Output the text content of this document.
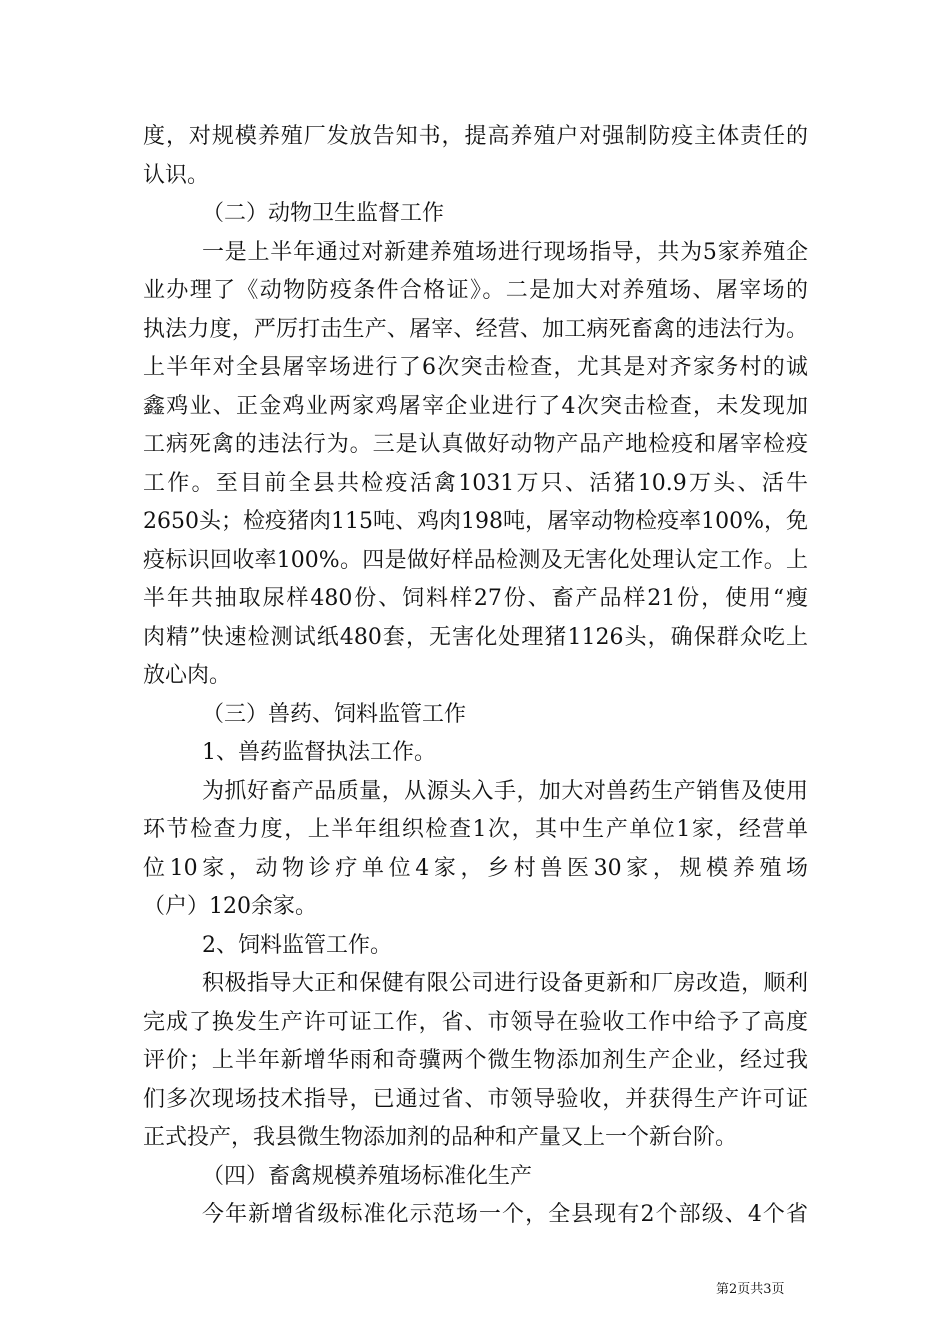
度，对规模养殖厂发放告知书，提高养殖户对强制防疫主体责任的
认识。
（二）动物卫生监督工作
一是上半年通过对新建养殖场进行现场指导，共为5家养殖企
业办理了《动物防疫条件合格证》。二是加大对养殖场、屠宰场的
执法力度，严厉打击生产、屠宰、经营、加工病死畜禽的违法行为。
上半年对全县屠宰场进行了6次突击检查，尤其是对齐家务村的诚
鑫鸡业、正金鸡业两家鸡屠宰企业进行了4次突击检查，未发现加
工病死禽的违法行为。三是认真做好动物产品产地检疫和屠宰检疫
工作。至目前全县共检疫活禽1031万只、活猪10.9万头、活牛
2650头；检疫猪肉115吨、鸡肉198吨，屠宰动物检疫率100%，免
疫标识回收率100%。四是做好样品检测及无害化处理认定工作。上
半年共抽取尿样480份、饲料样27份、畜产品样21份，使用“瘦
肉精”快速检测试纸480套，无害化处理猪1126头，确保群众吃上
放心肉。
（三）兽药、饲料监管工作
1、兽药监督执法工作。
为抓好畜产品质量，从源头入手，加大对兽药生产销售及使用
环节检查力度，上半年组织检查1次，其中生产单位1家，经营单
位10家，动物诊疗单位4家，乡村兽医30家，规模养殖场
（户）120余家。
2、饲料监管工作。
积极指导大正和保健有限公司进行设备更新和厂房改造，顺利
完成了换发生产许可证工作，省、市领导在验收工作中给予了高度
评价；上半年新增华雨和奇骥两个微生物添加剂生产企业，经过我
们多次现场技术指导，已通过省、市领导验收，并获得生产许可证
正式投产，我县微生物添加剂的品种和产量又上一个新台阶。
（四）畜禽规模养殖场标准化生产
今年新增省级标准化示范场一个，全县现有2个部级、4个省
第2页共3页
